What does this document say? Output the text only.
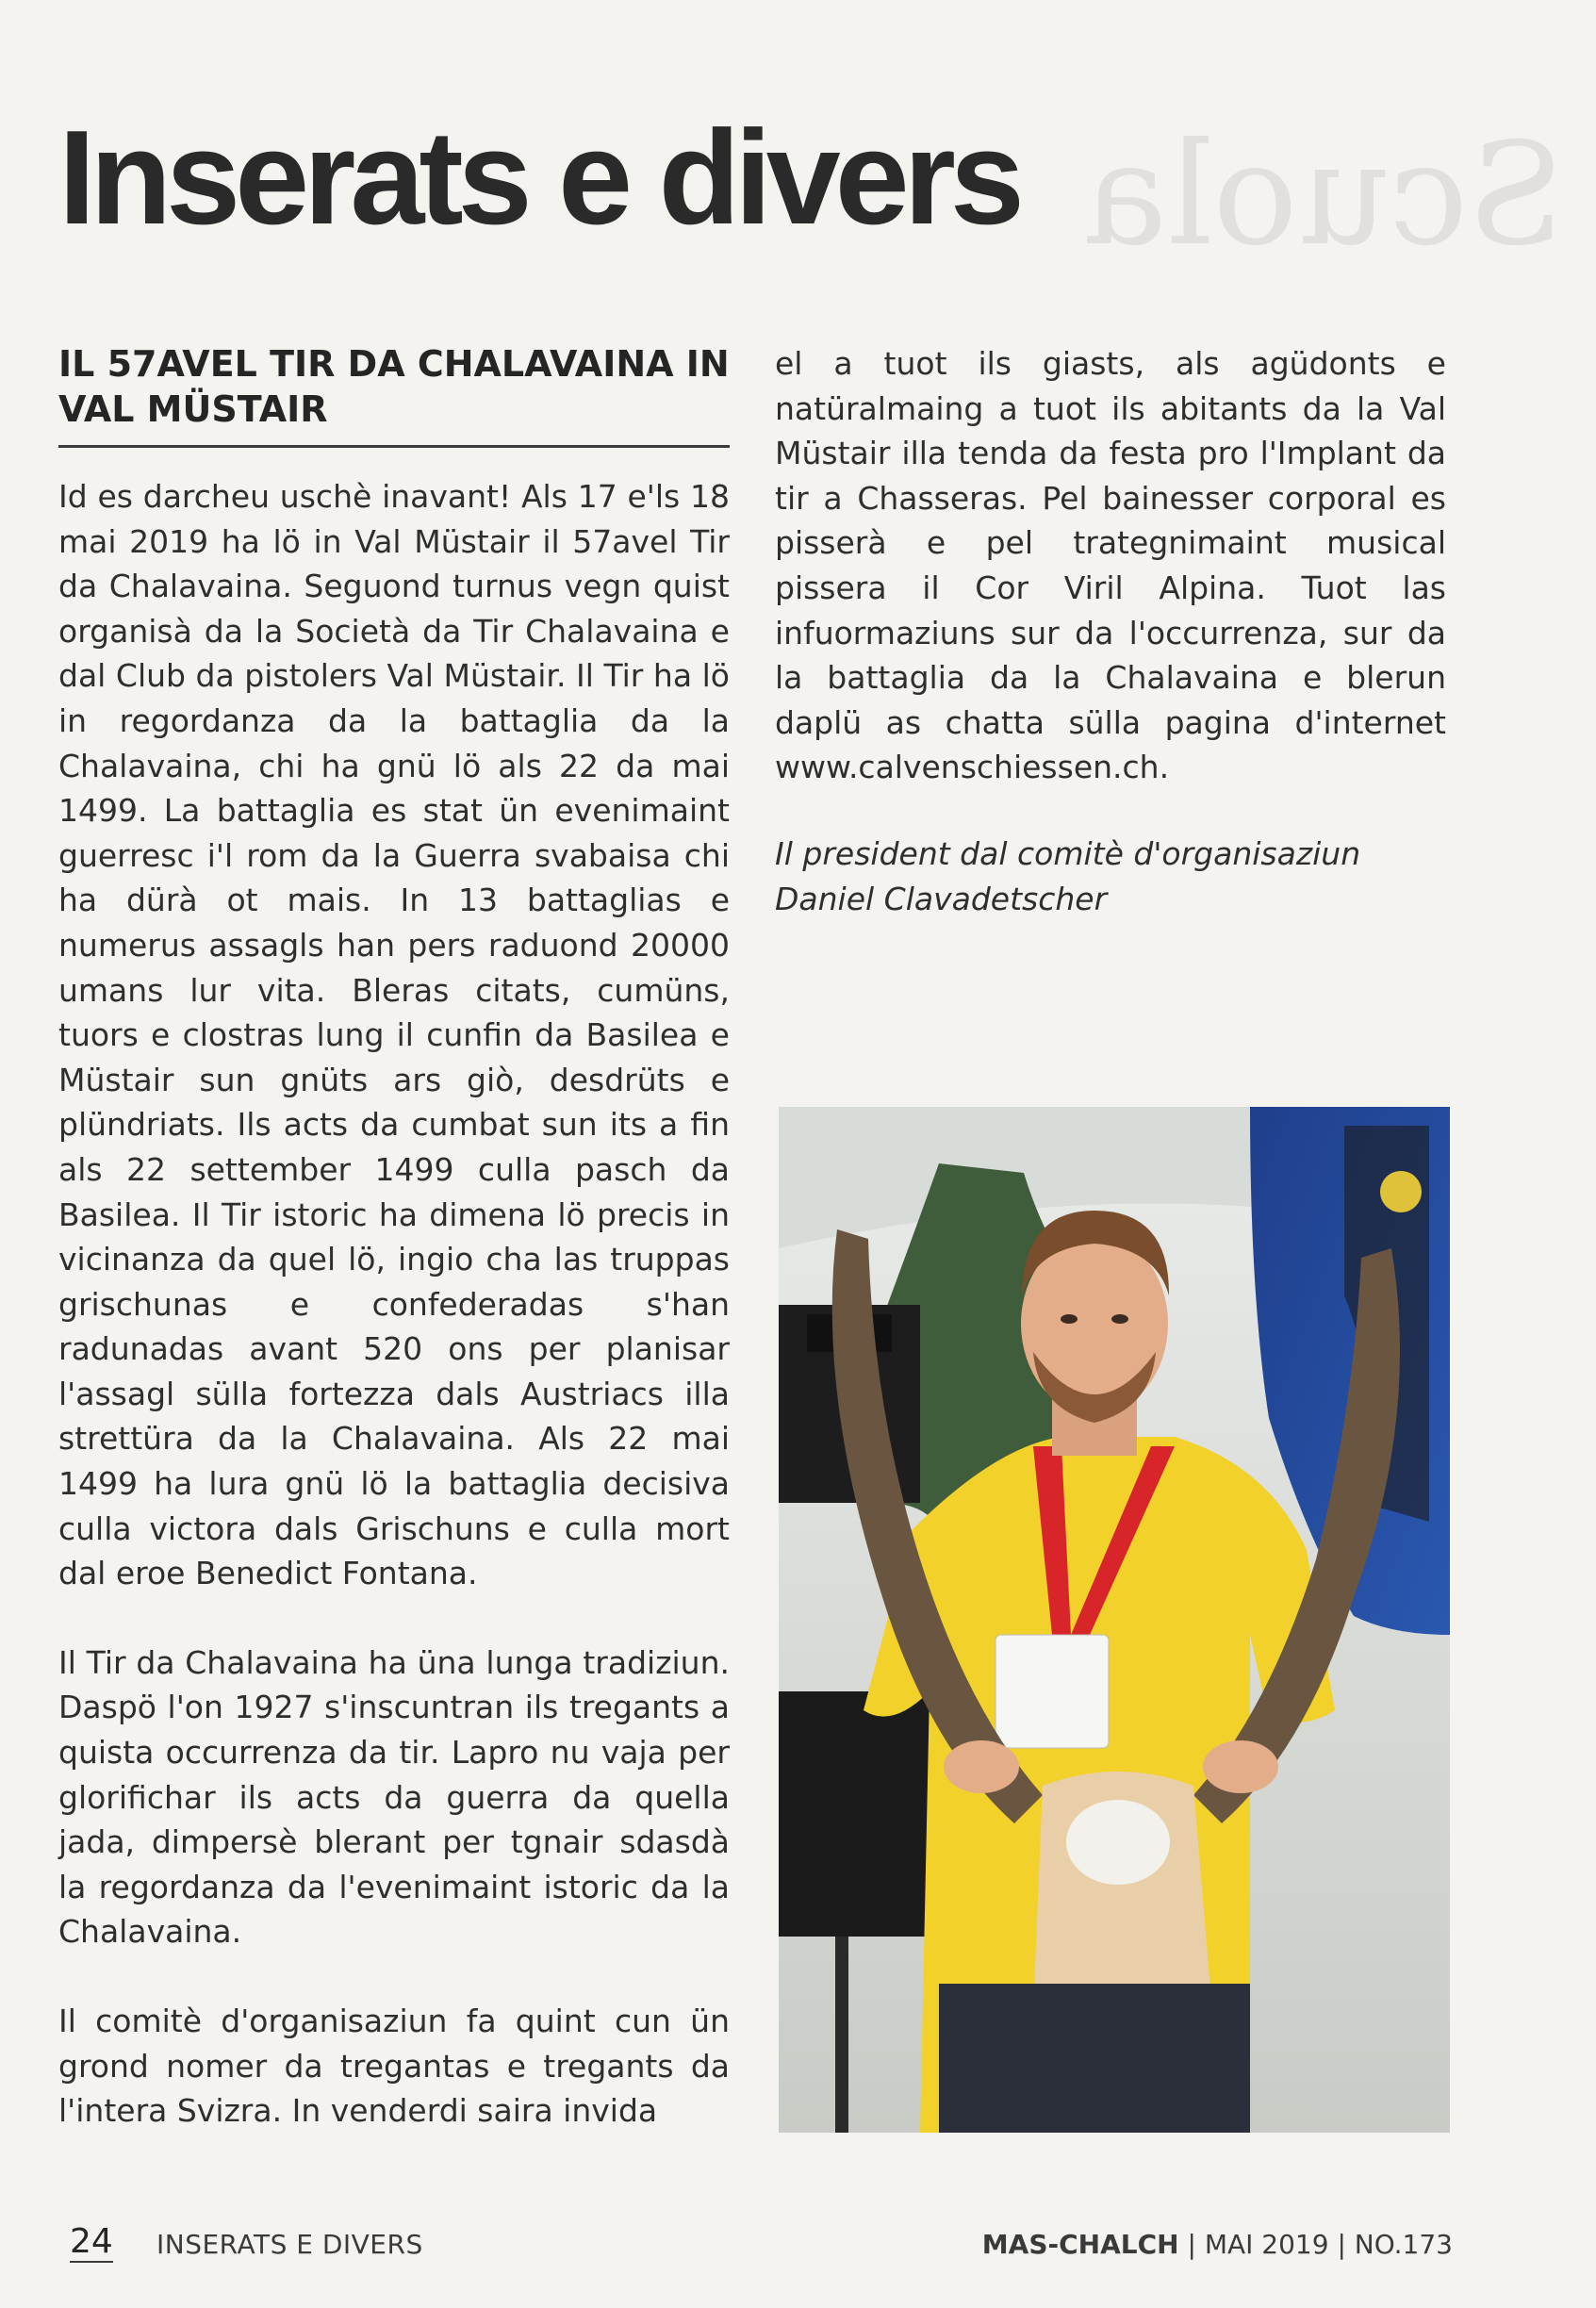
Scuola
Inserats e divers
IL 57AVEL TIR DA CHALAVAINA IN VAL MÜSTAIR

Id es darcheu uschè inavant! Als 17 e'ls 18 mai 2019 ha lö in Val Müstair il 57avel Tir da Chalavaina. Seguond turnus vegn quist organisà da la Società da Tir Chalavaina e dal Club da pistolers Val Müstair. Il Tir ha lö in regordanza da la battaglia da la Chalavaina, chi ha gnü lö als 22 da mai 1499. La battaglia es stat ün evenimaint guerresc i'l rom da la Guerra svabaisa chi ha dürà ot mais. In 13 battaglias e numerus assagls han pers raduond 20000 umans lur vita. Bleras citats, cumüns, tuors e clostras lung il cunfin da Basilea e Müstair sun gnüts ars giò, desdrüts e plündriats. Ils acts da cumbat sun its a fin als 22 settember 1499 culla pasch da Basilea. Il Tir istoric ha dimena lö precis in vicinanza da quel lö, ingio cha las truppas grischunas e confederadas s'han radunadas avant 520 ons per planisar l'assagl süllа fortezza dals Austriacs illa strettüra da la Chalavaina. Als 22 mai 1499 ha lura gnü lö la battaglia decisiva culla victora dals Grischuns e culla mort dal eroe Benedict Fontana.

Il Tir da Chalavaina ha üna lunga tradiziun. Daspö l'on 1927 s'inscuntran ils tregants a quista occurrenza da tir. Lapro nu vaja per glorifichar ils acts da guerra da quella jada, dimpersè blerant per tgnair sdasdà la regordanza da l'evenimaint istoric da la Chalavaina.

Il comitè d'organisaziun fa quint cun ün grond nomer da tregantas e tregants da l'intera Svizra. In venderdi saira invida

el a tuot ils giasts, als agüdonts e natüralmaing a tuot ils abitants da la Val Müstair illa tenda da festa pro l'Implant da tir a Chasseras. Pel bainesser corporal es pisserà e pel trategnimaint musical pissera il Cor Viril Alpina. Tuot las infuormaziuns sur da l'occurrenza, sur da la battaglia da la Chalavaina e blerun daplü as chatta süllа pagina d'internet www.calvenschiessen.ch.

Il president dal comitè d'organisaziun
Daniel Clavadetscher

24 INSERATS E DIVERS	MAS-CHALCH | MAI 2019 | NO.173
